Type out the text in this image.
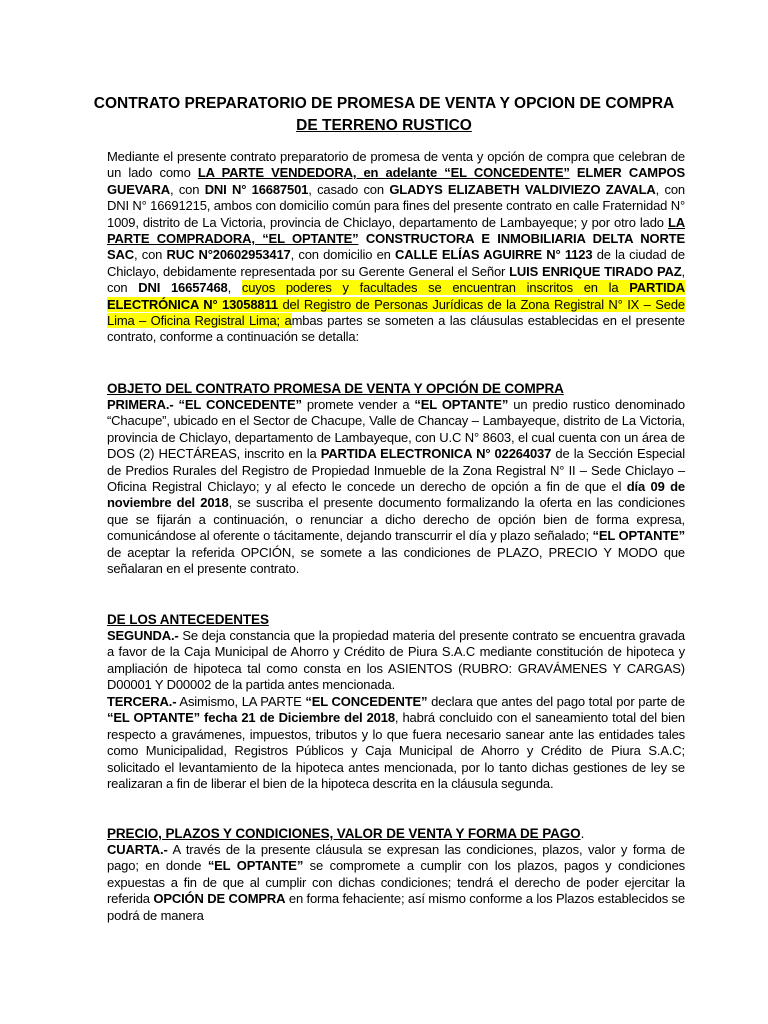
CONTRATO PREPARATORIO DE PROMESA DE VENTA Y OPCION DE COMPRA
DE TERRENO RUSTICO

Mediante el presente contrato preparatorio de promesa de venta y opción de compra que celebran de un lado como LA PARTE VENDEDORA, en adelante “EL CONCEDENTE” ELMER CAMPOS GUEVARA, con DNI N° 16687501, casado con GLADYS ELIZABETH VALDIVIEZO ZAVALA, con DNI N° 16691215, ambos con domicilio común para fines del presente contrato en calle Fraternidad N° 1009, distrito de La Victoria, provincia de Chiclayo, departamento de Lambayeque; y por otro lado LA PARTE COMPRADORA, “EL OPTANTE” CONSTRUCTORA E INMOBILIARIA DELTA NORTE SAC, con RUC N°20602953417, con domicilio en CALLE ELÍAS AGUIRRE N° 1123 de la ciudad de Chiclayo, debidamente representada por su Gerente General el Señor LUIS ENRIQUE TIRADO PAZ, con DNI 16657468, cuyos poderes y facultades se encuentran inscritos en la PARTIDA ELECTRÓNICA N° 13058811 del Registro de Personas Jurídicas de la Zona Registral N° IX – Sede Lima – Oficina Registral Lima; ambas partes se someten a las cláusulas establecidas en el presente contrato, conforme a continuación se detalla:

OBJETO DEL CONTRATO PROMESA DE VENTA Y OPCIÓN DE COMPRA

PRIMERA.- “EL CONCEDENTE” promete vender a “EL OPTANTE” un predio rustico denominado “Chacupe”, ubicado en el Sector de Chacupe, Valle de Chancay – Lambayeque, distrito de La Victoria, provincia de Chiclayo, departamento de Lambayeque, con U.C N° 8603, el cual cuenta con un área de DOS (2) HECTÁREAS, inscrito en la PARTIDA ELECTRONICA N° 02264037 de la Sección Especial de Predios Rurales del Registro de Propiedad Inmueble de la Zona Registral N° II – Sede Chiclayo – Oficina Registral Chiclayo; y al efecto le concede un derecho de opción a fin de que el día 09 de noviembre del 2018, se suscriba el presente documento formalizando la oferta en las condiciones que se fijarán a continuación, o renunciar a dicho derecho de opción bien de forma expresa, comunicándose al oferente o tácitamente, dejando transcurrir el día y plazo señalado; “EL OPTANTE” de aceptar la referida OPCIÓN, se somete a las condiciones de PLAZO, PRECIO Y MODO que señalaran en el presente contrato.

DE LOS ANTECEDENTES

SEGUNDA.- Se deja constancia que la propiedad materia del presente contrato se encuentra gravada a favor de la Caja Municipal de Ahorro y Crédito de Piura S.A.C mediante constitución de hipoteca y ampliación de hipoteca tal como consta en los ASIENTOS (RUBRO: GRAVÁMENES Y CARGAS) D00001 Y D00002 de la partida antes mencionada.

TERCERA.- Asimismo, LA PARTE “EL CONCEDENTE” declara que antes del pago total por parte de “EL OPTANTE” fecha 21 de Diciembre del 2018, habrá concluido con el saneamiento total del bien respecto a gravámenes, impuestos, tributos y lo que fuera necesario sanear ante las entidades tales como Municipalidad, Registros Públicos y Caja Municipal de Ahorro y Crédito de Piura S.A.C; solicitado el levantamiento de la hipoteca antes mencionada, por lo tanto dichas gestiones de ley se realizaran a fin de liberar el bien de la hipoteca descrita en la cláusula segunda.

PRECIO, PLAZOS Y CONDICIONES, VALOR DE VENTA Y FORMA DE PAGO.

CUARTA.- A través de la presente cláusula se expresan las condiciones, plazos, valor y forma de pago; en donde “EL OPTANTE” se compromete a cumplir con los plazos, pagos y condiciones expuestas a fin de que al cumplir con dichas condiciones; tendrá el derecho de poder ejercitar la referida OPCIÓN DE COMPRA en forma fehaciente; así mismo conforme a los Plazos establecidos se podrá de manera
